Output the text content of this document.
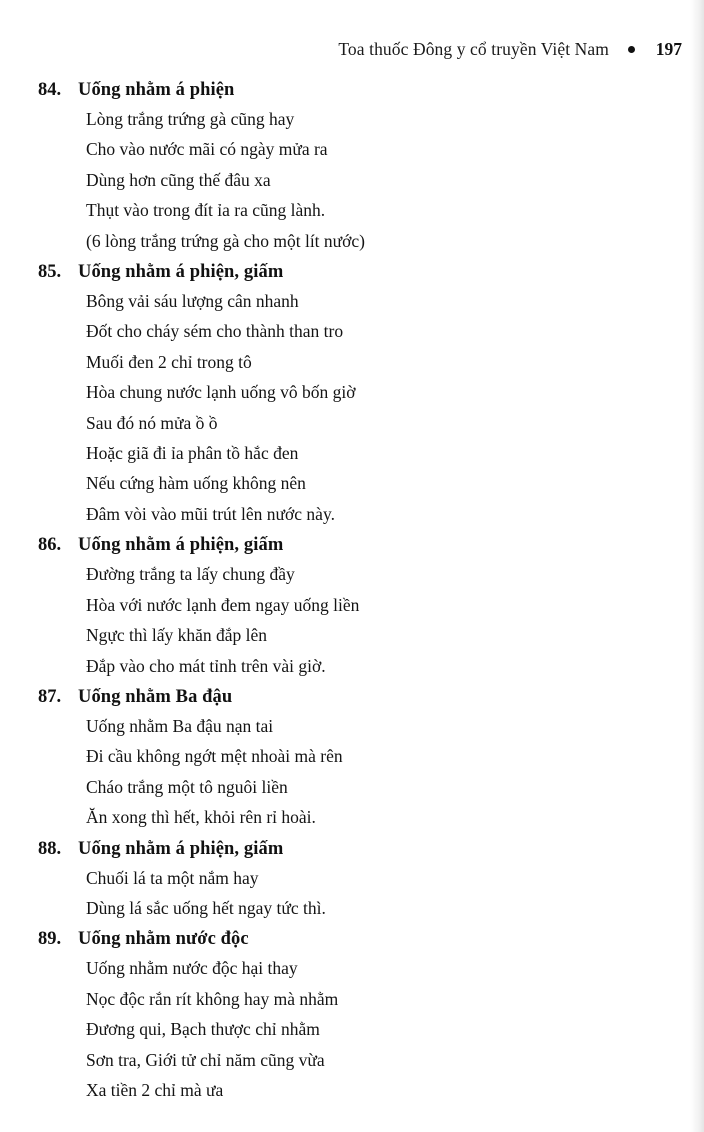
Toa thuốc Đông y cổ truyền Việt Nam	197
84. Uống nhằm á phiện
Lòng trắng trứng gà cũng hay
Cho vào nước mãi có ngày mửa ra
Dùng hơn cũng thế đâu xa
Thụt vào trong đít ỉa ra cũng lành.
(6 lòng trắng trứng gà cho một lít nước)
85. Uống nhằm á phiện, giấm
Bông vải sáu lượng cân nhanh
Đốt cho cháy sém cho thành than tro
Muối đen 2 chỉ trong tô
Hòa chung nước lạnh uống vô bốn giờ
Sau đó nó mửa ồ ồ
Hoặc giã đi ỉa phân tồ hắc đen
Nếu cứng hàm uống không nên
Đâm vòi vào mũi trút lên nước này.
86. Uống nhằm á phiện, giấm
Đường trắng ta lấy chung đầy
Hòa với nước lạnh đem ngay uống liền
Ngực thì lấy khăn đắp lên
Đắp vào cho mát tỉnh trên vài giờ.
87. Uống nhằm Ba đậu
Uống nhằm Ba đậu nạn tai
Đi cầu không ngớt mệt nhoài mà rên
Cháo trắng một tô nguôi liền
Ăn xong thì hết, khỏi rên rỉ hoài.
88. Uống nhằm á phiện, giấm
Chuối lá ta một nắm hay
Dùng lá sắc uống hết ngay tức thì.
89. Uống nhằm nước độc
Uống nhằm nước độc hại thay
Nọc độc rắn rít không hay mà nhằm
Đương qui, Bạch thược chỉ nhằm
Sơn tra, Giới tử chỉ năm cũng vừa
Xa tiền 2 chỉ mà ưa
